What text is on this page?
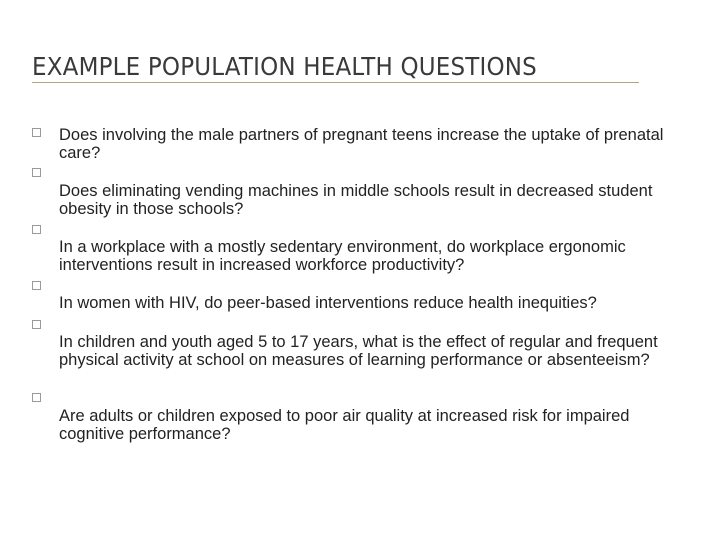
EXAMPLE POPULATION HEALTH QUESTIONS
Does involving the male partners of pregnant teens increase the uptake of prenatal care?
Does eliminating vending machines in middle schools result in decreased student obesity in those schools?
In a workplace with a mostly sedentary environment, do workplace ergonomic interventions result in increased workforce productivity?
In women with HIV, do peer-based interventions reduce health inequities?
In children and youth aged 5 to 17 years, what is the effect of regular and frequent physical activity at school on measures of learning performance or absenteeism?
Are adults or children exposed to poor air quality at increased risk for impaired cognitive performance?
